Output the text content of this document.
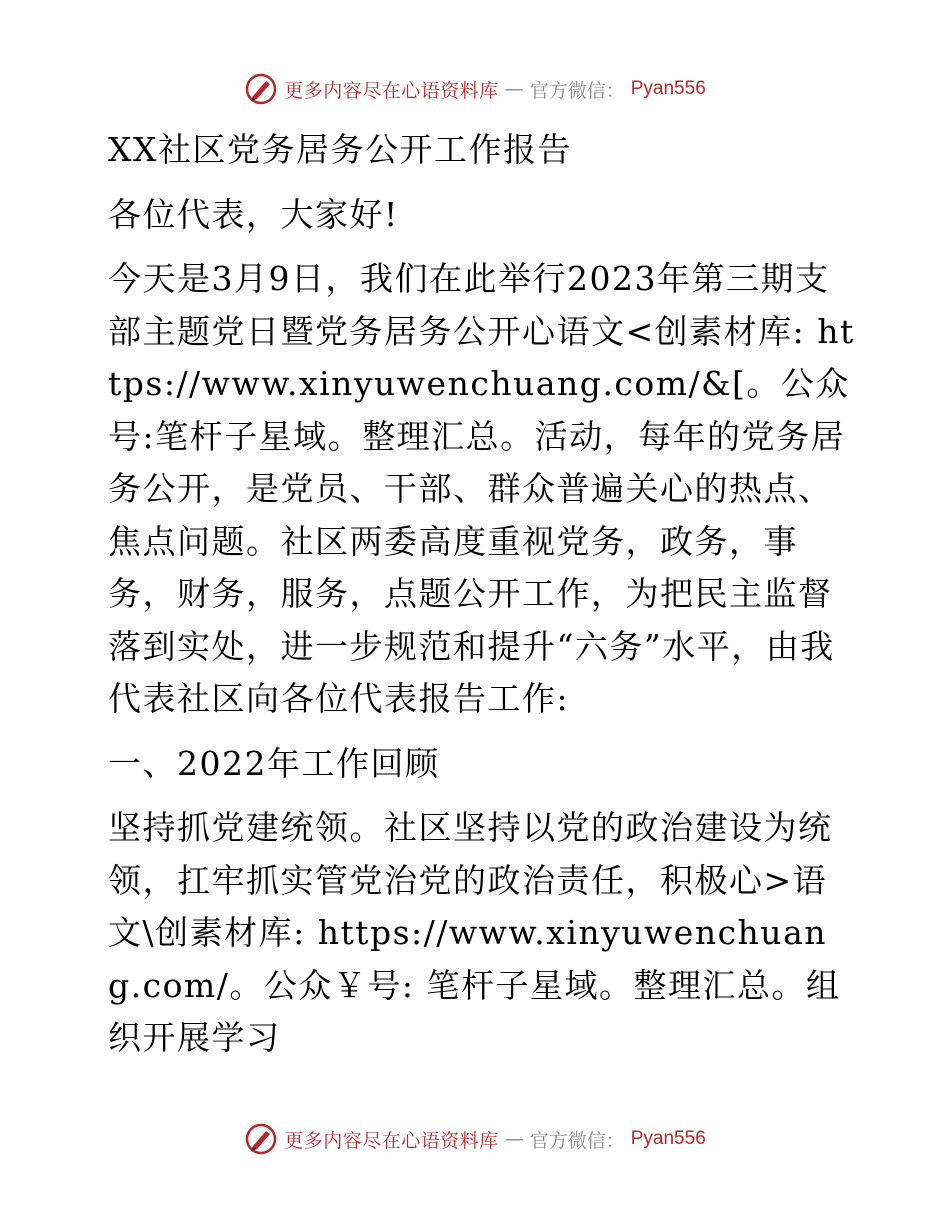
更多内容尽在心语资料库 — 官方微信： Pyan556

XX社区党务居务公开工作报告

各位代表，大家好!

今天是3月9日，我们在此举行2023年第三期支部主题党日暨党务居务公开心语文<创素材库: https://www.xinyuwenchuang.com/&[。公众号:笔杆子星域。整理汇总。活动，每年的党务居务公开，是党员、干部、群众普遍关心的热点、焦点问题。社区两委高度重视党务，政务，事务，财务，服务，点题公开工作，为把民主监督落到实处，进一步规范和提升“六务”水平，由我代表社区向各位代表报告工作:

一、2022年工作回顾

坚持抓党建统领。社区坚持以党的政治建设为统领，扛牢抓实管党治党的政治责任，积极心>语文\创素材库: https://www.xinyuwenchuang.com/。公众￥号: 笔杆子星域。整理汇总。组织开展学习

更多内容尽在心语资料库 — 官方微信： Pyan556
